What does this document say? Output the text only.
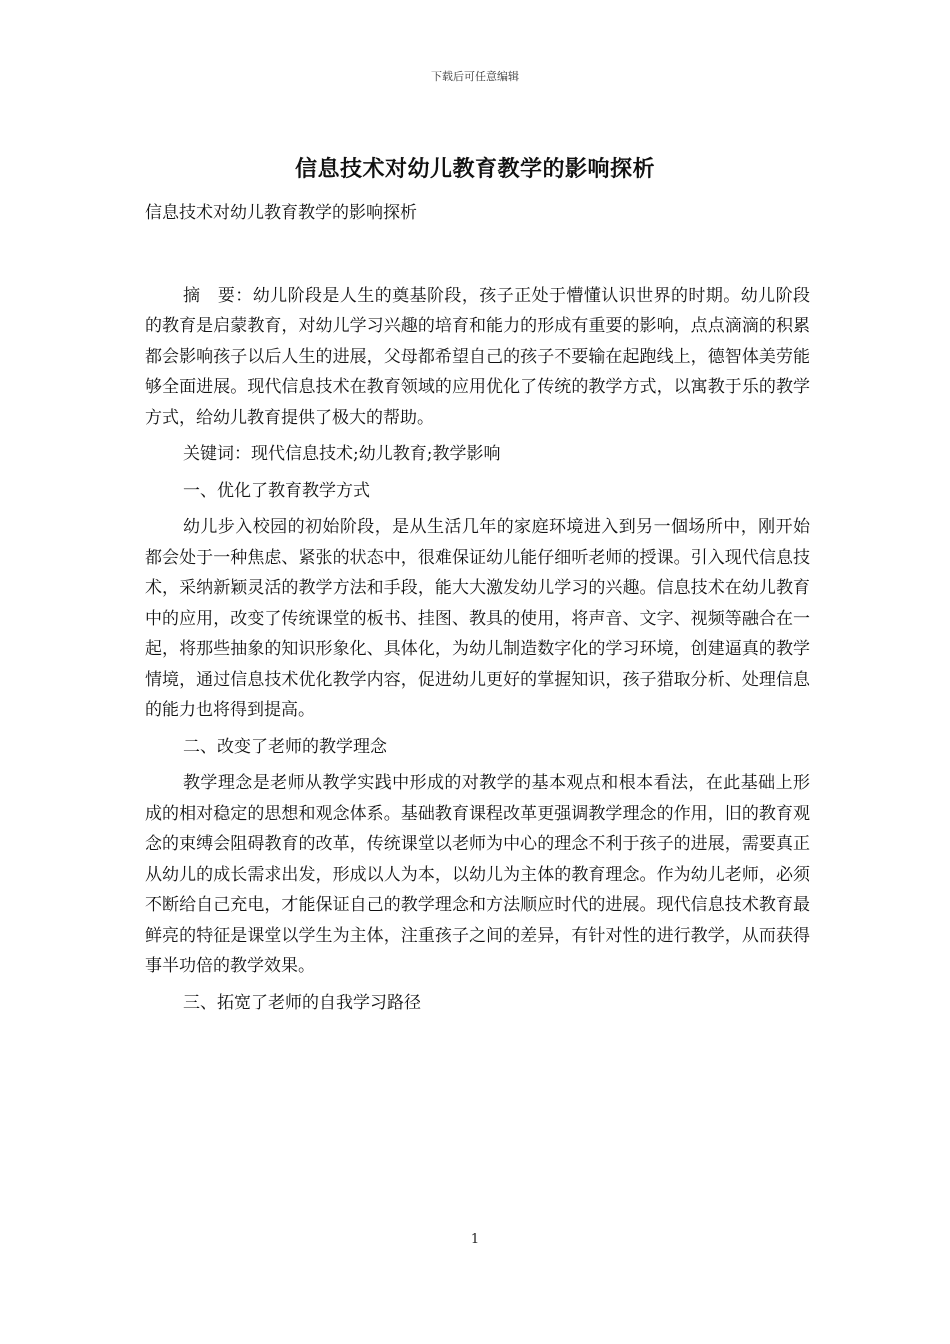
下载后可任意编辑
信息技术对幼儿教育教学的影响探析

信息技术对幼儿教育教学的影响探析

摘　要：幼儿阶段是人生的奠基阶段，孩子正处于懵懂认识世界的时期。幼儿阶段的教育是启蒙教育，对幼儿学习兴趣的培育和能力的形成有重要的影响，点点滴滴的积累都会影响孩子以后人生的进展，父母都希望自己的孩子不要输在起跑线上，德智体美劳能够全面进展。现代信息技术在教育领域的应用优化了传统的教学方式，以寓教于乐的教学方式，给幼儿教育提供了极大的帮助。

关键词：现代信息技术;幼儿教育;教学影响

一、优化了教育教学方式

幼儿步入校园的初始阶段，是从生活几年的家庭环境进入到另一個场所中，刚开始都会处于一种焦虑、紧张的状态中，很难保证幼儿能仔细听老师的授课。引入现代信息技术，采纳新颖灵活的教学方法和手段，能大大激发幼儿学习的兴趣。信息技术在幼儿教育中的应用，改变了传统课堂的板书、挂图、教具的使用，将声音、文字、视频等融合在一起，将那些抽象的知识形象化、具体化，为幼儿制造数字化的学习环境，创建逼真的教学情境，通过信息技术优化教学内容，促进幼儿更好的掌握知识，孩子猎取分析、处理信息的能力也将得到提高。

二、改变了老师的教学理念

教学理念是老师从教学实践中形成的对教学的基本观点和根本看法，在此基础上形成的相对稳定的思想和观念体系。基础教育课程改革更强调教学理念的作用，旧的教育观念的束缚会阻碍教育的改革，传统课堂以老师为中心的理念不利于孩子的进展，需要真正从幼儿的成长需求出发，形成以人为本，以幼儿为主体的教育理念。作为幼儿老师，必须不断给自己充电，才能保证自己的教学理念和方法顺应时代的进展。现代信息技术教育最鲜亮的特征是课堂以学生为主体，注重孩子之间的差异，有针对性的进行教学，从而获得事半功倍的教学效果。

三、拓宽了老师的自我学习路径

1
